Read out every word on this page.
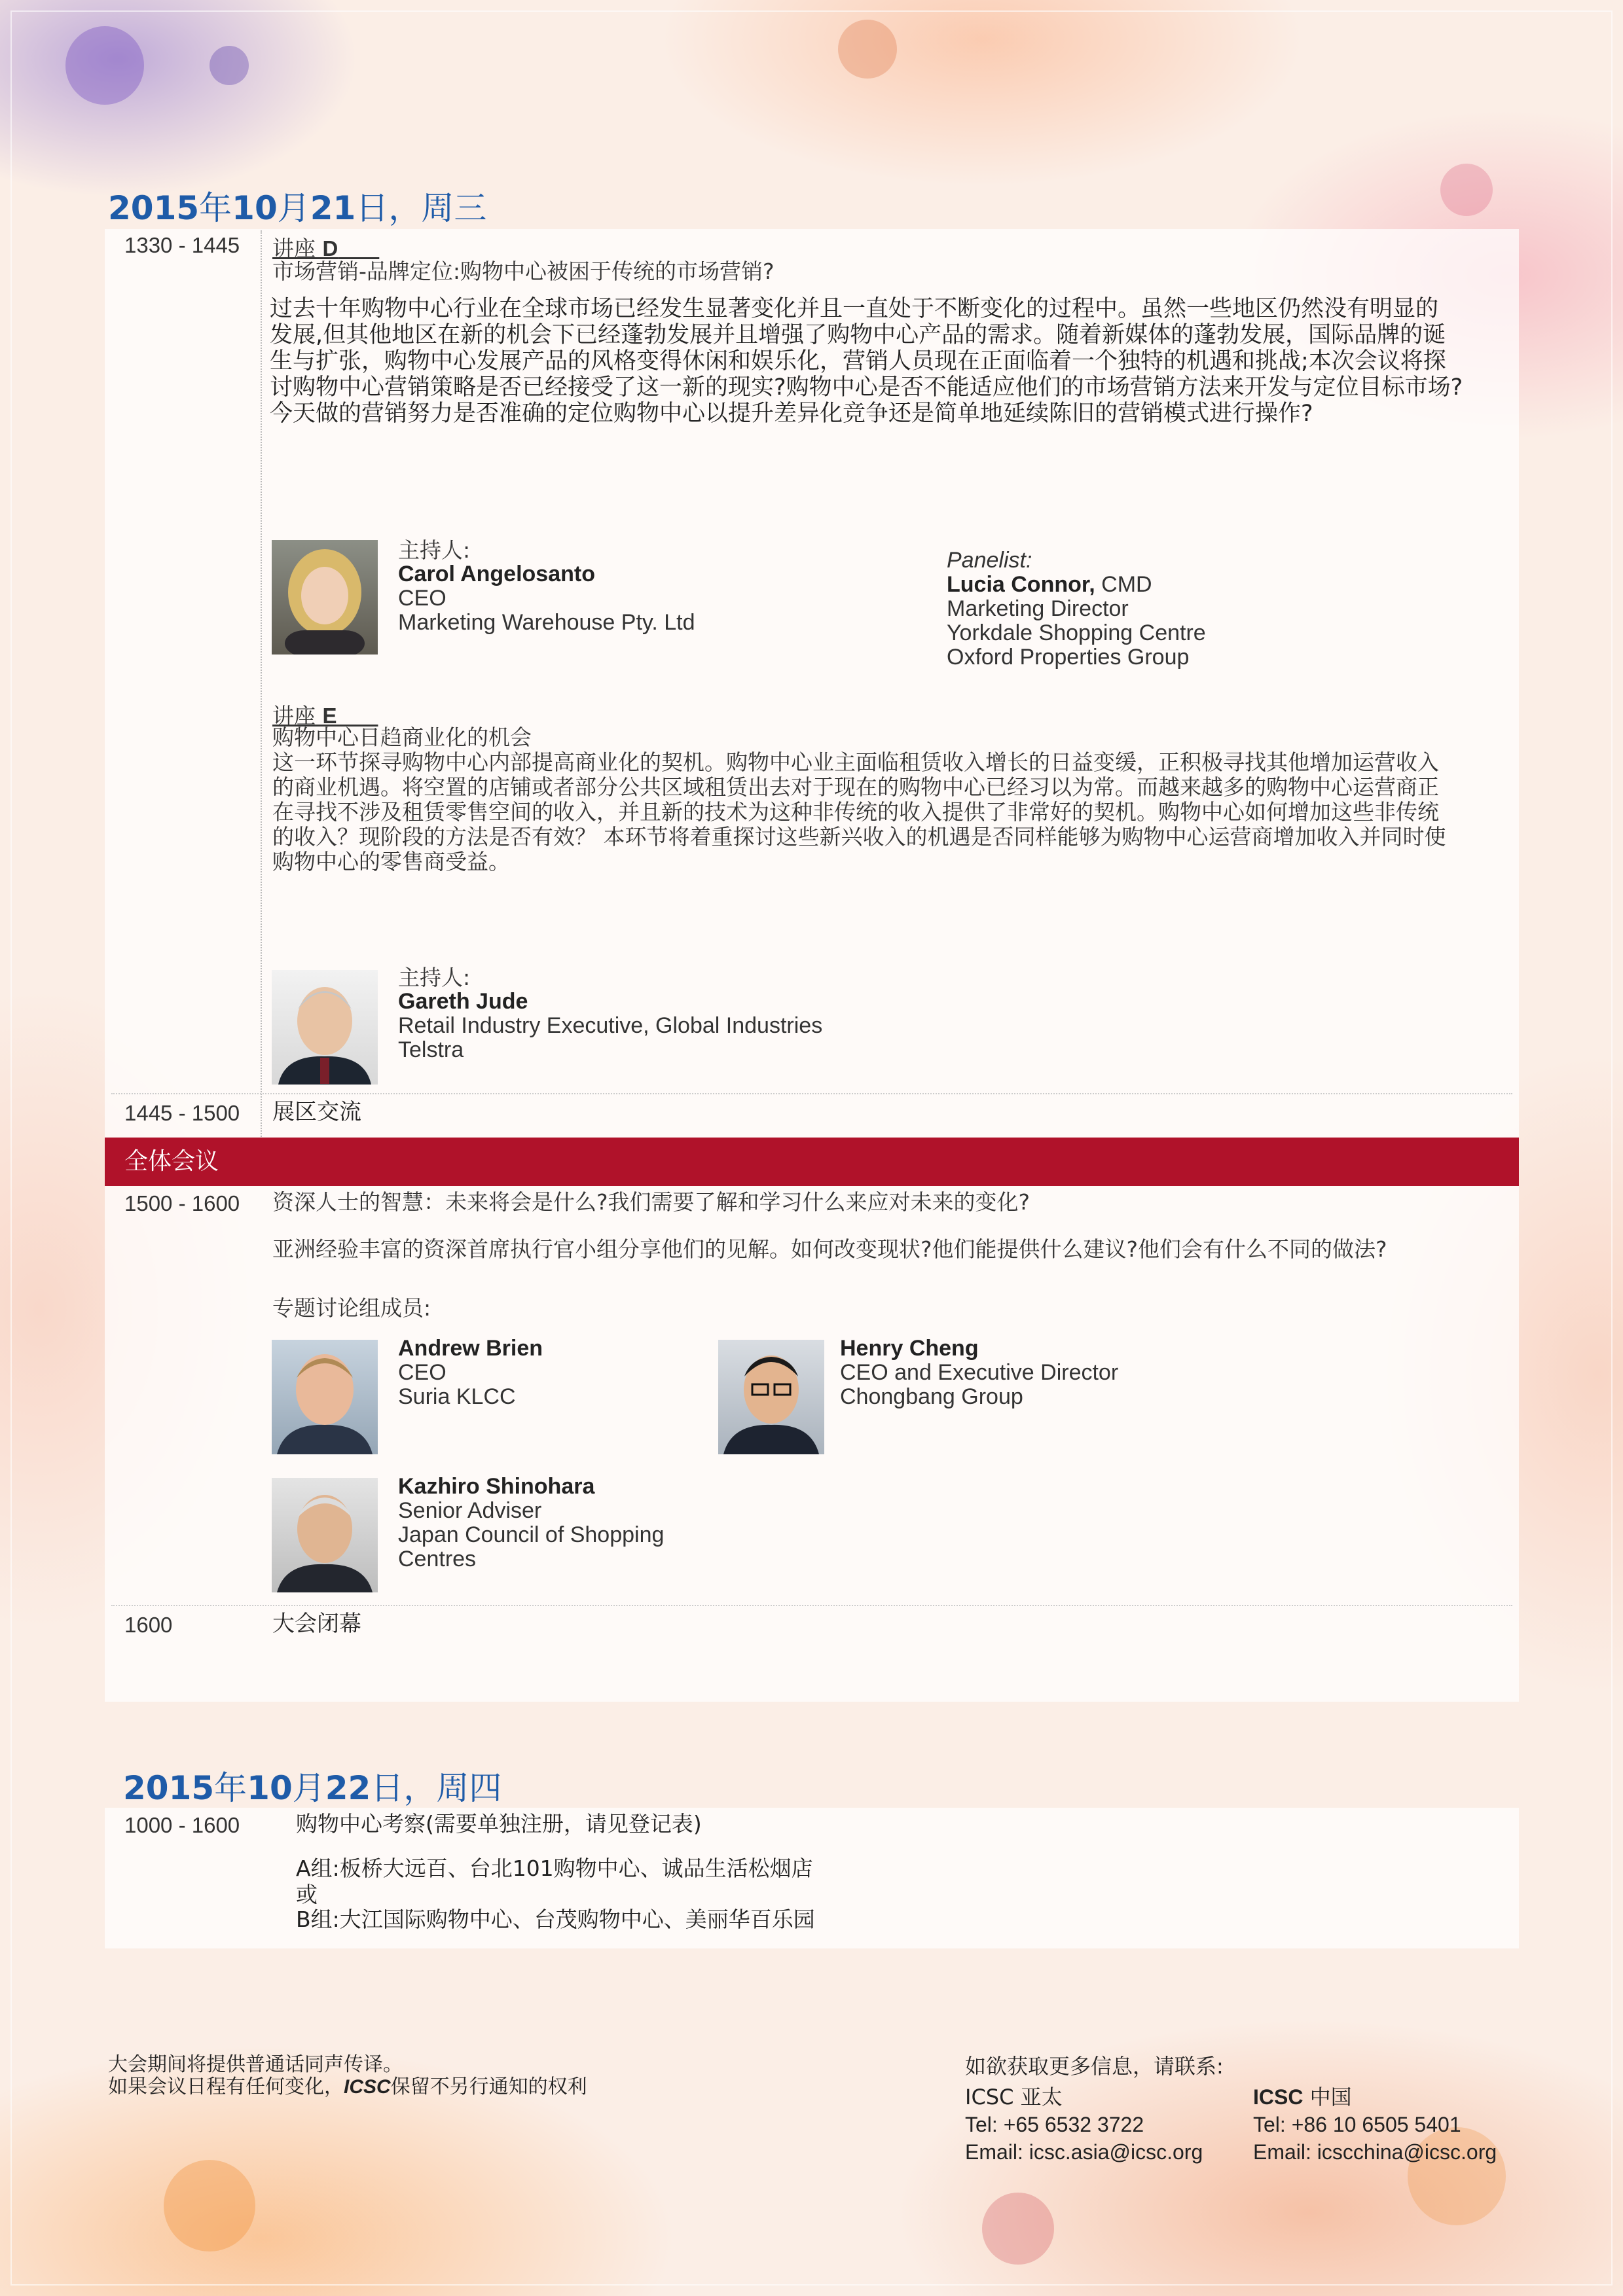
2015年10月21日，周三
1330 - 1445 讲座 D
市场营销-品牌定位:购物中心被困于传统的市场营销?
过去十年购物中心行业在全球市场已经发生显著变化并且一直处于不断变化的过程中。虽然一些地区仍然没有明显的
发展,但其他地区在新的机会下已经蓬勃发展并且增强了购物中心产品的需求。随着新媒体的蓬勃发展，国际品牌的诞
生与扩张，购物中心发展产品的风格变得休闲和娱乐化，营销人员现在正面临着一个独特的机遇和挑战;本次会议将探
讨购物中心营销策略是否已经接受了这一新的现实?购物中心是否不能适应他们的市场营销方法来开发与定位目标市场?
今天做的营销努力是否准确的定位购物中心以提升差异化竞争还是简单地延续陈旧的营销模式进行操作?
主持人:
Carol Angelosanto
CEO
Marketing Warehouse Pty. Ltd
Panelist:
Lucia Connor, CMD
Marketing Director
Yorkdale Shopping Centre
Oxford Properties Group
讲座 E
购物中心日趋商业化的机会
这一环节探寻购物中心内部提高商业化的契机。购物中心业主面临租赁收入增长的日益变缓，正积极寻找其他增加运营收入
的商业机遇。将空置的店铺或者部分公共区域租赁出去对于现在的购物中心已经习以为常。而越来越多的购物中心运营商正
在寻找不涉及租赁零售空间的收入，并且新的技术为这种非传统的收入提供了非常好的契机。购物中心如何增加这些非传统
的收入？现阶段的方法是否有效？ 本环节将着重探讨这些新兴收入的机遇是否同样能够为购物中心运营商增加收入并同时使
购物中心的零售商受益。
主持人:
Gareth Jude
Retail Industry Executive, Global Industries
Telstra
1445 - 1500 展区交流
全体会议
1500 - 1600 资深人士的智慧：未来将会是什么?我们需要了解和学习什么来应对未来的变化?
亚洲经验丰富的资深首席执行官小组分享他们的见解。如何改变现状?他们能提供什么建议?他们会有什么不同的做法?
专题讨论组成员:
Andrew Brien
CEO
Suria KLCC
Henry Cheng
CEO and Executive Director
Chongbang Group
Kazhiro Shinohara
Senior Adviser
Japan Council of Shopping
Centres
1600	大会闭幕
2015年10月22日，周四
1000 - 1600	购物中心考察(需要单独注册，请见登记表)
A组:板桥大远百、台北101购物中心、诚品生活松烟店
或
B组:大江国际购物中心、台茂购物中心、美丽华百乐园
大会期间将提供普通话同声传译。
如果会议日程有任何变化，ICSC保留不另行通知的权利
如欲获取更多信息，请联系:
ICSC 亚太
Tel: +65 6532 3722
Email: icsc.asia@icsc.org
ICSC 中国
Tel: +86 10 6505 5401
Email: icscchina@icsc.org
